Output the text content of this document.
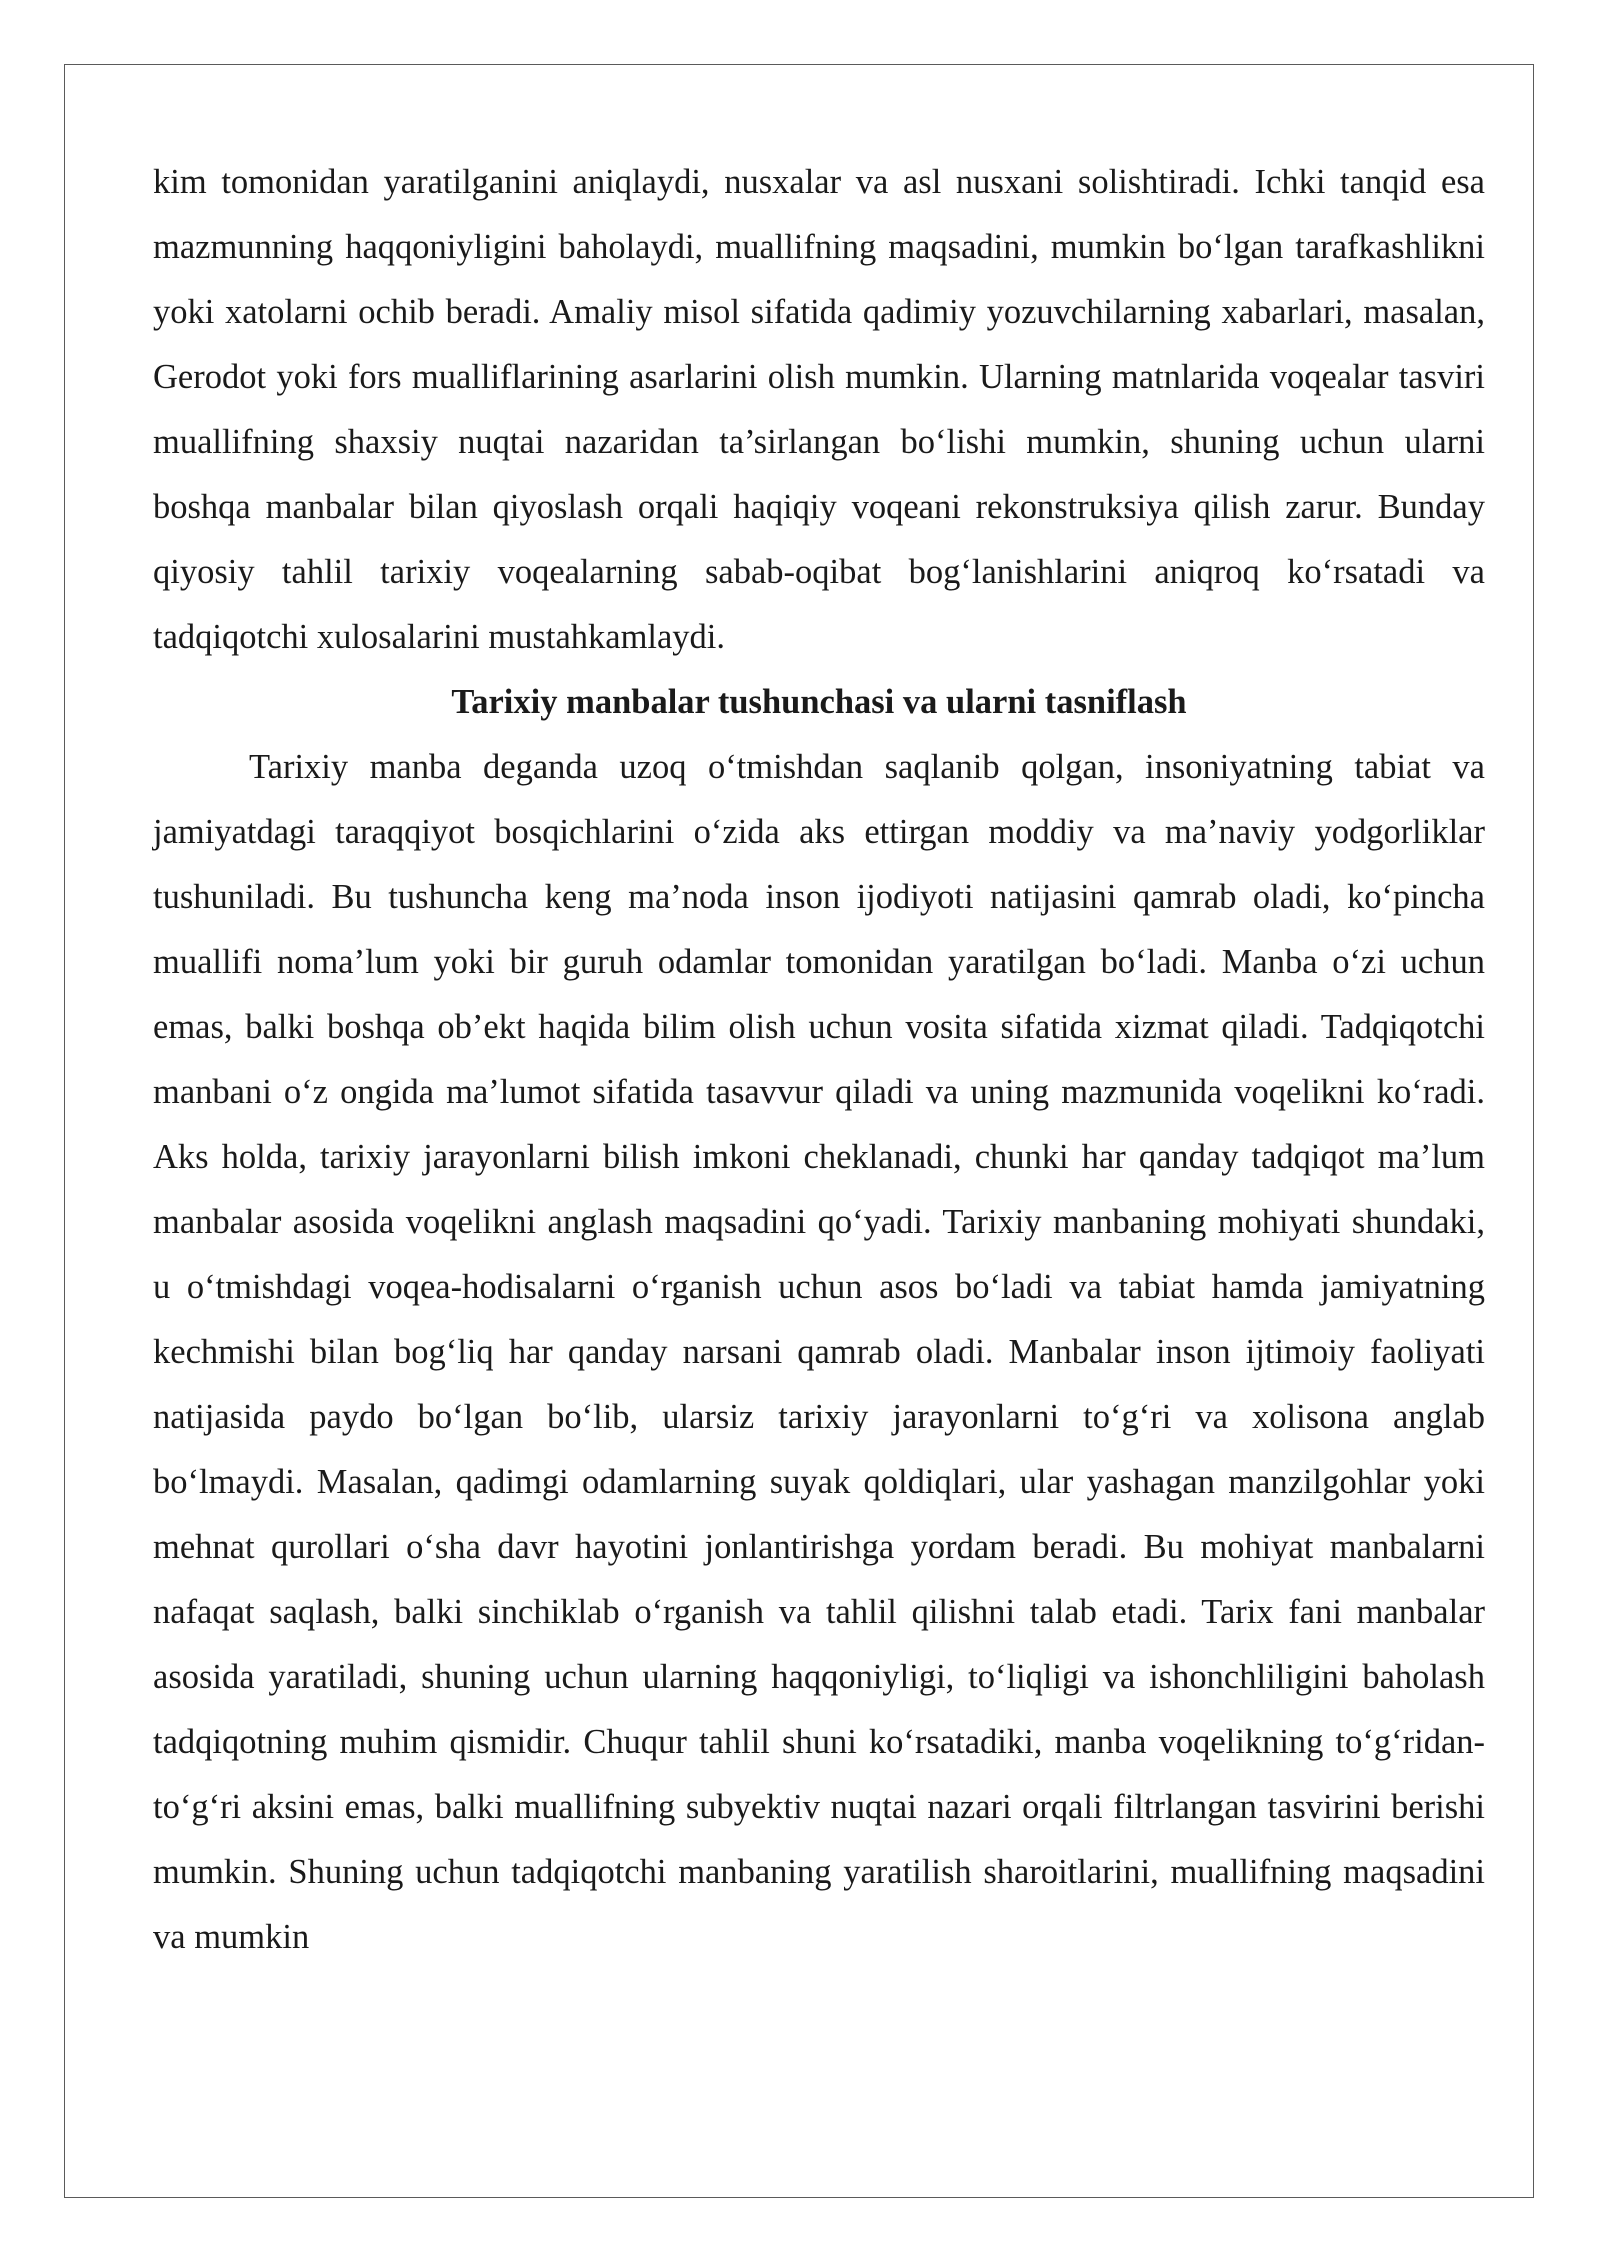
kim tomonidan yaratilganini aniqlaydi, nusxalar va asl nusxani solishtiradi. Ichki tanqid esa mazmunning haqqoniyligini baholaydi, muallifning maqsadini, mumkin bo‘lgan tarafkashlikni yoki xatolarni ochib beradi. Amaliy misol sifatida qadimiy yozuvchilarning xabarlari, masalan, Gerodot yoki fors mualliflarining asarlarini olish mumkin. Ularning matnlarida voqealar tasviri muallifning shaxsiy nuqtai nazaridan ta’sirlangan bo‘lishi mumkin, shuning uchun ularni boshqa manbalar bilan qiyoslash orqali haqiqiy voqeani rekonstruksiya qilish zarur. Bunday qiyosiy tahlil tarixiy voqealarning sabab-oqibat bog‘lanishlarini aniqroq ko‘rsatadi va tadqiqotchi xulosalarini mustahkamlaydi.

Tarixiy manbalar tushunchasi va ularni tasniflash

Tarixiy manba deganda uzoq o‘tmishdan saqlanib qolgan, insoniyatning tabiat va jamiyatdagi taraqqiyot bosqichlarini o‘zida aks ettirgan moddiy va ma’naviy yodgorliklar tushuniladi. Bu tushuncha keng ma’noda inson ijodiyoti natijasini qamrab oladi, ko‘pincha muallifi noma’lum yoki bir guruh odamlar tomonidan yaratilgan bo‘ladi. Manba o‘zi uchun emas, balki boshqa ob’ekt haqida bilim olish uchun vosita sifatida xizmat qiladi. Tadqiqotchi manbani o‘z ongida ma’lumot sifatida tasavvur qiladi va uning mazmunida voqelikni ko‘radi. Aks holda, tarixiy jarayonlarni bilish imkoni cheklanadi, chunki har qanday tadqiqot ma’lum manbalar asosida voqelikni anglash maqsadini qo‘yadi. Tarixiy manbaning mohiyati shundaki, u o‘tmishdagi voqea-hodisalarni o‘rganish uchun asos bo‘ladi va tabiat hamda jamiyatning kechmishi bilan bog‘liq har qanday narsani qamrab oladi. Manbalar inson ijtimoiy faoliyati natijasida paydo bo‘lgan bo‘lib, ularsiz tarixiy jarayonlarni to‘g‘ri va xolisona anglab bo‘lmaydi. Masalan, qadimgi odamlarning suyak qoldiqlari, ular yashagan manzilgohlar yoki mehnat qurollari o‘sha davr hayotini jonlantirishga yordam beradi. Bu mohiyat manbalarni nafaqat saqlash, balki sinchiklab o‘rganish va tahlil qilishni talab etadi. Tarix fani manbalar asosida yaratiladi, shuning uchun ularning haqqoniyligi, to‘liqligi va ishonchliligini baholash tadqiqotning muhim qismidir. Chuqur tahlil shuni ko‘rsatadiki, manba voqelikning to‘g‘ridan-to‘g‘ri aksini emas, balki muallifning subyektiv nuqtai nazari orqali filtrlangan tasvirini berishi mumkin. Shuning uchun tadqiqotchi manbaning yaratilish sharoitlarini, muallifning maqsadini va mumkin
